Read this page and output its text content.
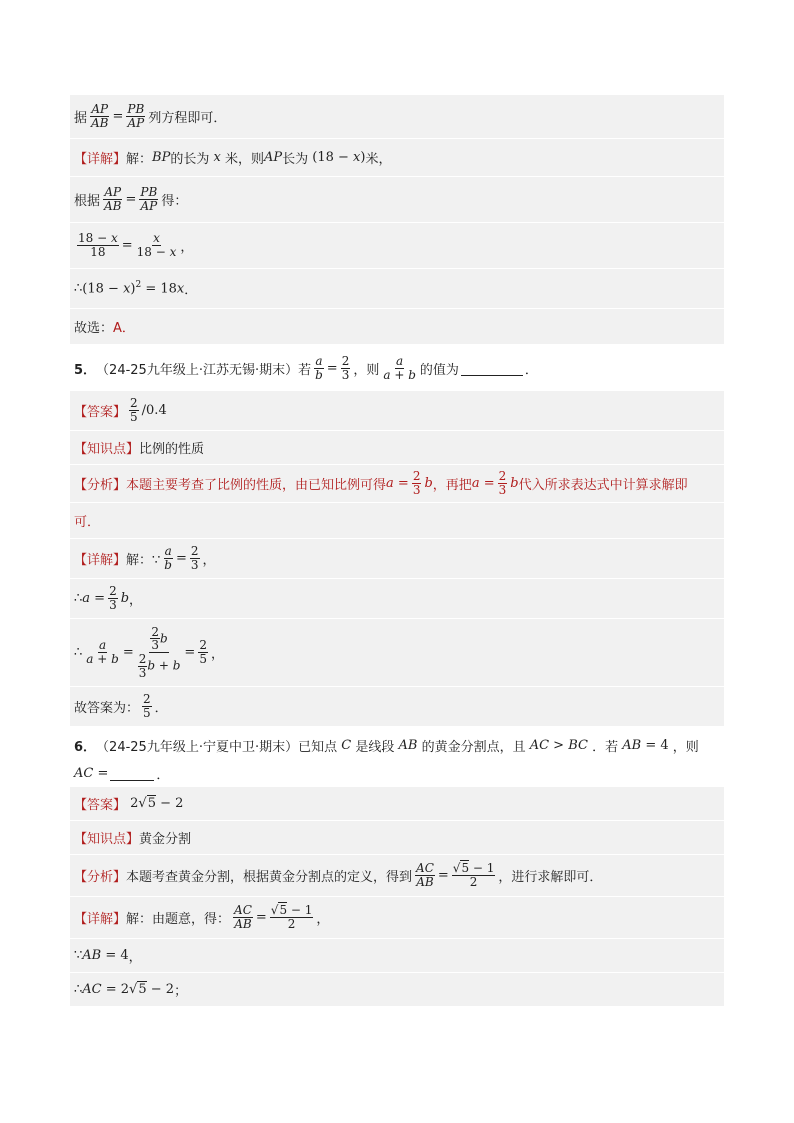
据 $\frac{AP}{AB} = \frac{PB}{AP}$ 列方程即可．
【详解】 解： BP 的长为 x 米，则 AP 长为 (18 − x) 米，
根据 $\frac{AP}{AB} = \frac{PB}{AP}$ 得：
$\frac{18 - x}{18} = \frac{x}{18 - x}$ ，
∴ $(18 - x)^2 = 18x$ ．
故选： A．
5． （24-25九年级上·江苏无锡·期末） 若 $\frac{a}{b} = \frac{2}{3}$ ，则 $\frac{a}{a + b}$ 的值为	．
【答案】 $\frac{2}{5} /0.4$
【知识点】 比例的性质
【分析】 本题主要考查了比例的性质，由已知比例可得 $a = \frac{2}{3}$ b ，再把 $a = \frac{2}{3}$ b 代入所求表达式中计算求解即
可．
【详解】 解：∵ $\frac{a}{b} = \frac{2}{3}$ ，
∴ $a = \frac{2}{3}$ b ，
∴ $\frac{a}{a + b} = \frac{\frac{2}{3} b}{\frac{2}{3} b + b} = \frac{2}{5}$ ，
故答案为： $\frac{2}{5}$ ．
6． （24-25九年级上·宁夏中卫·期末） 已知点 C 是线段 AB 的黄金分割点，且 AC > BC ．若 AB = 4 ，则
AC =	．
【答案】 2√5 − 2
【知识点】 黄金分割
【分析】 本题考查黄金分割，根据黄金分割点的定义，得到 $\frac{AC}{AB} = \frac{√5 - 1}{2}$ ，进行求解即可．
【详解】 解：由题意，得： $\frac{AC}{AB} = \frac{√5 - 1}{2}$ ，
∵ AB = 4 ，
∴ AC = 2√5 − 2 ；
